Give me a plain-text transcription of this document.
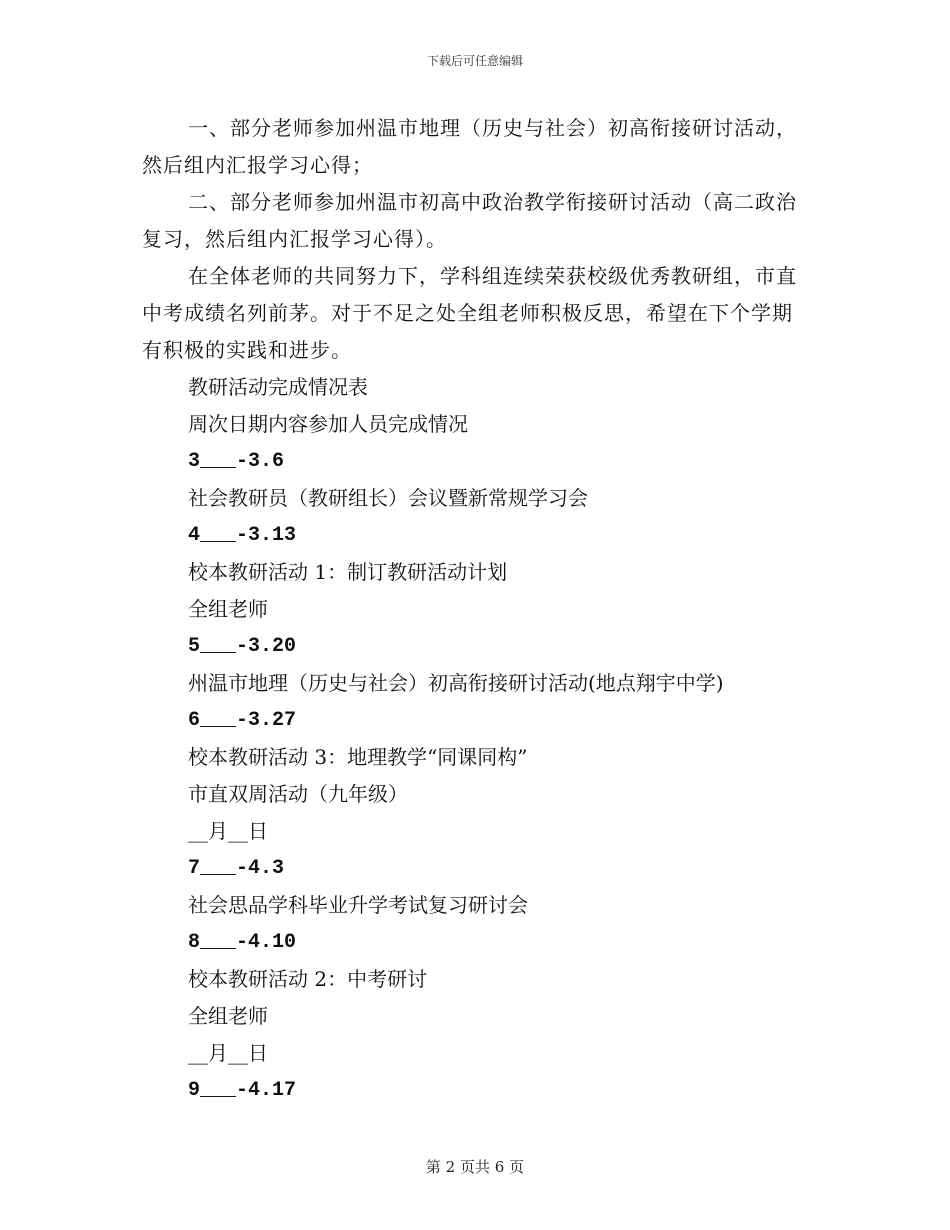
下载后可任意编辑

一、部分老师参加州温市地理（历史与社会）初高衔接研讨活动，然后组内汇报学习心得；

二、部分老师参加州温市初高中政治教学衔接研讨活动（高二政治复习，然后组内汇报学习心得）。

在全体老师的共同努力下，学科组连续荣获校级优秀教研组，市直中考成绩名列前茅。对于不足之处全组老师积极反思，希望在下个学期有积极的实践和进步。

教研活动完成情况表

周次日期内容参加人员完成情况

3___-3.6

社会教研员（教研组长）会议暨新常规学习会

4___-3.13

校本教研活动 1：制订教研活动计划

全组老师

5___-3.20

州温市地理（历史与社会）初高衔接研讨活动(地点翔宇中学)

6___-3.27

校本教研活动 3：地理教学“同课同构”

市直双周活动（九年级）

__月__日

7___-4.3

社会思品学科毕业升学考试复习研讨会

8___-4.10

校本教研活动 2：中考研讨

全组老师

__月__日

9___-4.17

第 2 页共 6 页
